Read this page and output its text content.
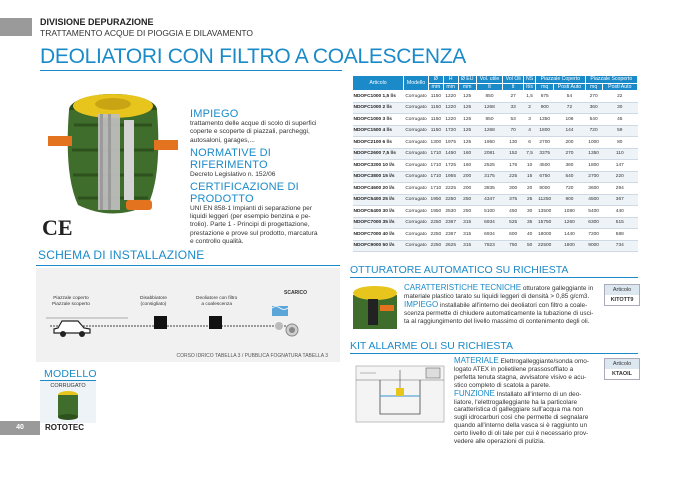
DIVISIONE DEPURAZIONE
TRATTAMENTO ACQUE DI PIOGGIA E DILAVAMENTO
DEOLIATORI CON FILTRO A COALESCENZA
CE
IMPIEGO
trattamento delle acque di scolo di superfici
coperte e scoperte di piazzali, parcheggi,
autosaloni, garages,...
NORMATIVE DI RIFERIMENTO
Decreto Legislativo n. 152/06
CERTIFICAZIONE DI PRODOTTO
UNI EN 858-1 Impianti di separazione per
liquidi leggeri (per esempio benzina e pe-
trolio). Parte 1 - Principi di progettazione,
prestazione e prove sul prodotto, marcatura
e controllo qualità.
SCHEMA DI INSTALLAZIONE
Piazzale coperto
Piazzale scoperto
Disabbiatore
(consigliato)
Deoliatore con filtro
a coalescenza
SCARICO
CORSO IDRICO TABELLA 3 / PUBBLICA FOGNATURA TABELLA 3
MODELLO
CORRUGATO
Articolo	Modello	Ø	H	Ø EU	Vol. utile	Vol Oli	NS	Piazzale Coperto		Piazzale Scoperto	
		mm	mm	mm	lt	lt	lt/s	mq	Posti Auto	mq	Posti Auto
NDOFC1000 1,5 l/s	Corrugato	1150	1220	125	850	27	1,5	675	54	270	22
NDOFC1000 2 l/s	Corrugato	1150	1220	125	1268	33	2	900	72	360	30
NDOFC1000 3 l/s	Corrugato	1150	1220	125	850	53	3	1350	108	540	45
NDOFC1500 4 l/s	Corrugato	1150	1720	125	1268	70	4	1800	144	720	59
NDOFC2100 6 l/s	Corrugato	1300	1975	125	1950	130	6	2700	200	1000	80
NDOFC2600 7,5 l/s	Corrugato	1710	1450	160	2081	152	7,5	3375	270	1350	110
NDOFC3200 10 l/s	Corrugato	1710	1725	160	2525	176	10	4500	360	1800	147
NDOFC3800 15 l/s	Corrugato	1710	1955	200	3175	225	15	6750	540	2700	220
NDOFC4600 20 l/s	Corrugato	1710	2225	200	3835	300	20	9000	720	3600	294
NDOFC5400 25 l/s	Corrugato	1950	2250	250	4347	375	25	11250	900	4500	367
NDOFC6400 30 l/s	Corrugato	1950	2530	250	5100	450	30	13500	1080	5400	440
NDOFC7000 35 l/s	Corrugato	2250	2367	315	6934	525	35	15750	1260	6300	515
NDOFC7000 40 l/s	Corrugato	2250	2367	315	6934	600	40	18000	1440	7200	588
NDOFC9000 50 l/s	Corrugato	2250	2625	315	7823	750	50	22500	1800	9000	734
OTTURATORE AUTOMATICO SU RICHIESTA
CARATTERISTICHE TECNICHE otturatore galleggiante in
materiale plastico tarato su liquidi leggeri di densità > 0,85 g/cm3.
IMPIEGO installabile all'interno dei deoliatori con filtro a coale-
scenza permette di chiudere automaticamente la tubazione di usci-
ta al raggiungimento del livello massimo di contenimento degli oli.
Articolo
KITOTT9
KIT ALLARME OLI SU RICHIESTA
MATERIALE Elettrogalleggiante/sonda omo-
logato ATEX in polietilene prassosoffiato a
perfetta tenuta stagna, avvisatore visivo e acu-
stico completo di scatola a parete.
FUNZIONE Installato all'interno di un deo-
liatore, l'elettrogalleggiante ha la particolare
caratteristica di galleggiare sull'acqua ma non
sugli idrocarburi così che permette di segnalare
quando all'interno della vasca si è raggiunto un
certo livello di oli tale per cui è necessario prov-
vedere alle operazioni di pulizia.
Articolo
KTAOIL
40	ROTOTEC
